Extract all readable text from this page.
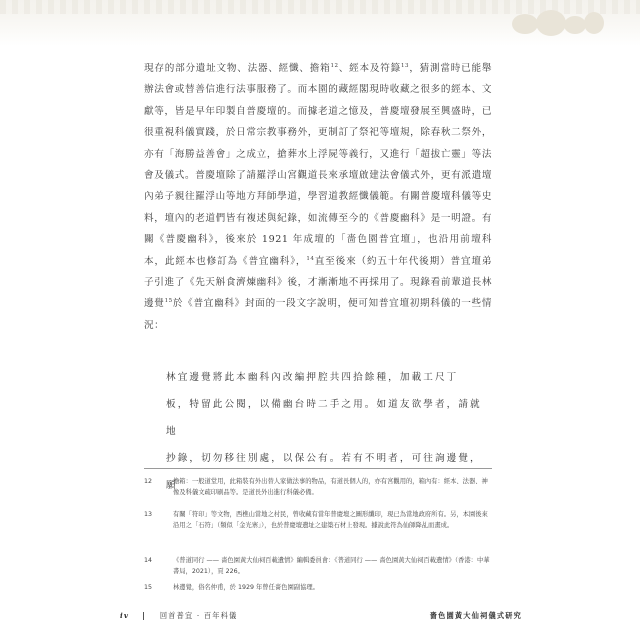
現存的部分遺址文物、法器、經懺、擔箱$^{12}$、經本及符籙$^{13}$，猜測當時已能舉辦法會或替善信進行法事服務了。而本園的藏經閣現時收藏之很多的經本、文獻等，皆是早年印製自普慶壇的。而據老道之憶及，普慶壇發展至興盛時，已很重視科儀實踐，於日常宗教事務外，更制訂了祭祀等壇規，除春秋二祭外，亦有「海勝益善會」之成立，搶葬水上浮屍等義行，又進行「超拔亡靈」等法會及儀式。普慶壇除了請羅浮山宮觀道長來承壇啟建法會儀式外，更有派遣壇內弟子親往羅浮山等地方拜師學道，學習道教經懺儀範。有關普慶壇科儀等史料，壇內的老道們皆有複述與紀錄，如流傳至今的《普慶幽科》是一明證。有關《普慶幽科》，後來於 1921 年成壇的「嗇色園普宜壇」，也沿用前壇科本，此經本也修訂為《普宜幽科》，$^{14}$直至後來（約五十年代後期）普宜壇弟子引進了《先天斛食濟煉幽科》後，才漸漸地不再採用了。現錄看前輩道長林邊覺$^{15}$於《普宜幽科》封面的一段文字說明，便可知普宜壇初期科儀的一些情況：

林宜邊覺將此本幽科內改編押腔共四拾餘種，加載工尺丁

板，特留此公閱，以備幽台時二手之用。如道友欲學者，請就地

抄錄，切勿移往別處，以保公有。若有不明者，可往詢邊覺，願

12	擔箱：一般道堂用，此箱裝有外出替人家做法事的物品，有道長個人的，亦有宮觀用的，箱內有：經本、法器、神像及科儀文疏印刷品等。是道長外出進行科儀必備。
13	有關「符印」等文物，西樵山當地之村民，曾收藏有當年普慶壇之圖形纖印，現已為當地政府所有。另，本園後來沿用之「石符」（類似「金光寨」），也於普慶壇遺址之建築石材上發現。據說此符為仙師降乩而畫成。
14	《普道同行 —— 嗇色園黃大仙祠百載遺情》編輯委員會：《普道同行 —— 嗇色園黃大仙祠百載遺情》（香港：中華書局，2021），頁 226。
15	林邊覺，俗名仲甫，於 1929 年曾任嗇色園副協理。
iv	回首普宜 · 百年科儀	嗇色園黃大仙祠儀式研究
